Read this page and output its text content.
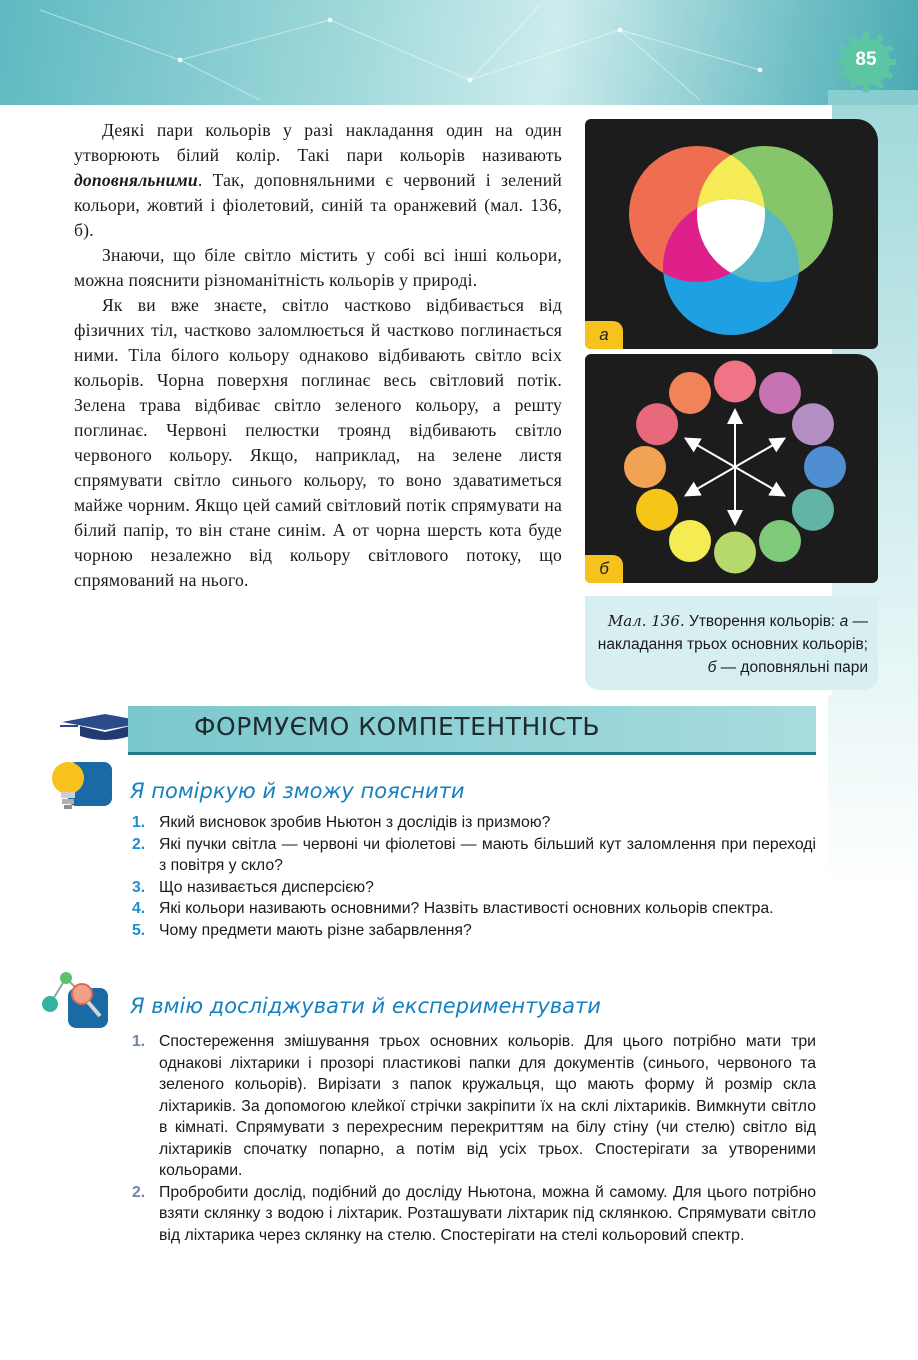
85

Деякі пари кольорів у разі накладання один на один утворюють білий колір. Такі пари кольорів називають доповняльними. Так, доповняльними є червоний і зелений кольори, жовтий і фіолетовий, синій та оранжевий (мал. 136, б).

Знаючи, що біле світло містить у собі всі інші кольори, можна пояснити різноманітність кольорів у природі.

Як ви вже знаєте, світло частково відбивається від фізичних тіл, частково заломлюється й частково поглинається ними. Тіла білого кольору однаково відбивають світло всіх кольорів. Чорна поверхня поглинає весь світловий потік. Зелена трава відбиває світло зеленого кольору, а решту поглинає. Червоні пелюстки троянд відбивають світло червоного кольору. Якщо, наприклад, на зелене листя спрямувати світло синього кольору, то воно здаватиметься майже чорним. Якщо цей самий світловий потік спрямувати на білий папір, то він стане синім. А от чорна шерсть кота буде чорною незалежно від кольору світлового потоку, що спрямований на нього.

а
б
Мал. 136. Утворення кольорів: а — накладання трьох основних кольорів; б — доповняльні пари
ФОРМУЄМО КОМПЕТЕНТНІСТЬ
Я поміркую й зможу пояснити
1. Який висновок зробив Ньютон з дослідів із призмою?
2. Які пучки світла — червоні чи фіолетові — мають більший кут заломлення при переході з повітря у скло?
3. Що називається дисперсією?
4. Які кольори називають основними? Назвіть властивості основних кольорів спектра.
5. Чому предмети мають різне забарвлення?
Я вмію досліджувати й експериментувати
1. Спостереження змішування трьох основних кольорів. Для цього потрібно мати три однакові ліхтарики і прозорі пластикові папки для документів (синього, червоного та зеленого кольорів). Вирізати з папок кружальця, що мають форму й розмір скла ліхтариків. За допомогою клейкої стрічки закріпити їх на склі ліхтариків. Вимкнути світло в кімнаті. Спрямувати з перехресним перекриттям на білу стіну (чи стелю) світло від ліхтариків спочатку попарно, а потім від усіх трьох. Спостерігати за утвореними кольорами.
2. Пробробити дослід, подібний до досліду Ньютона, можна й самому. Для цього потрібно взяти склянку з водою і ліхтарик. Розташувати ліхтарик під склянкою. Спрямувати світло від ліхтарика через склянку на стелю. Спостерігати на стелі кольоровий спектр.
